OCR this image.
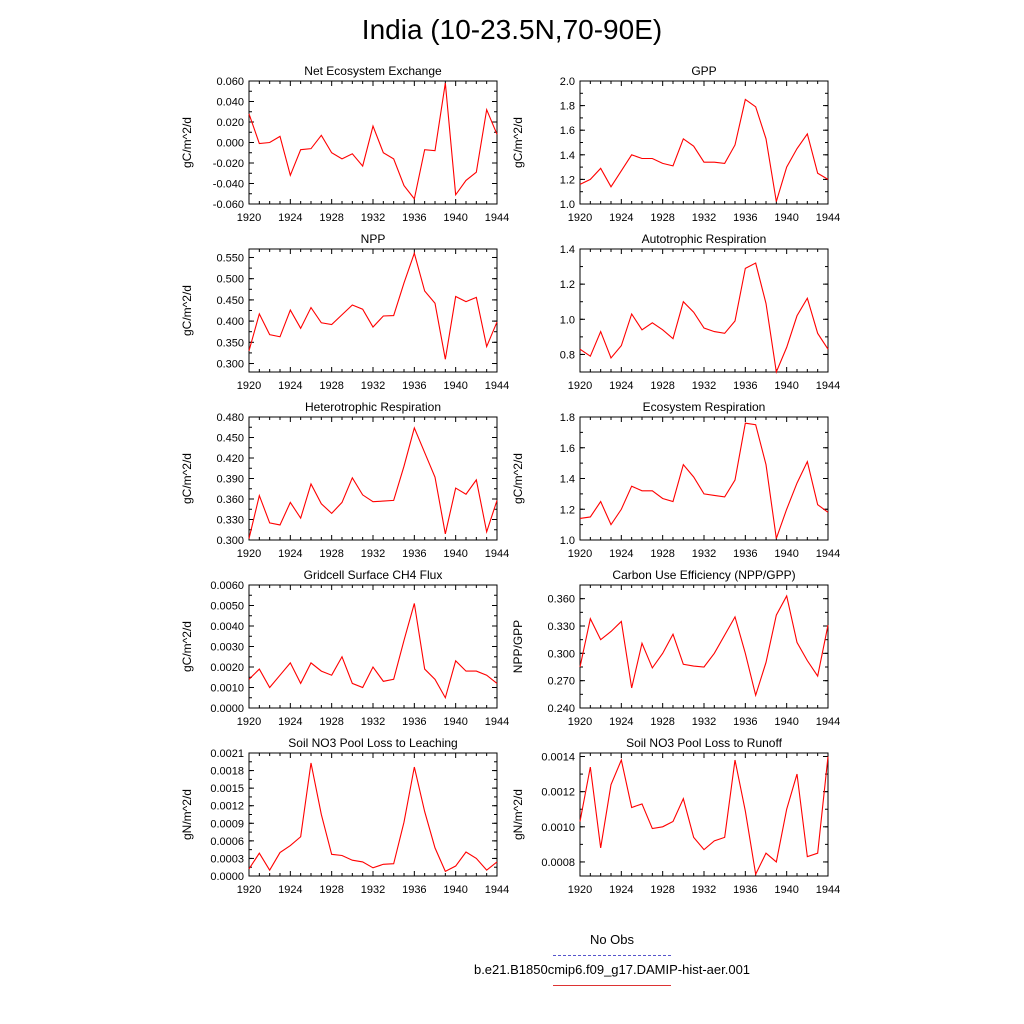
India (10-23.5N,70-90E)
Net Ecosystem Exchange
1920 1924 1928 1932 1936 1940 1944
-0.060
-0.040
-0.020
0.000
0.020
0.040
0.060
gC/m^2/d
GPP
1920 1924 1928 1932 1936 1940 1944
1.0
1.2
1.4
1.6
1.8
2.0
gC/m^2/d
NPP
1920 1924 1928 1932 1936 1940 1944
0.300
0.350
0.400
0.450
0.500
0.550
gC/m^2/d
Autotrophic Respiration
1920 1924 1928 1932 1936 1940 1944
0.8
1.0
1.2
1.4
Heterotrophic Respiration
1920 1924 1928 1932 1936 1940 1944
0.300
0.330
0.360
0.390
0.420
0.450
0.480
gC/m^2/d
Ecosystem Respiration
1920 1924 1928 1932 1936 1940 1944
1.0
1.2
1.4
1.6
1.8
gC/m^2/d
Gridcell Surface CH4 Flux
1920 1924 1928 1932 1936 1940 1944
0.0000
0.0010
0.0020
0.0030
0.0040
0.0050
0.0060
gC/m^2/d
Carbon Use Efficiency (NPP/GPP)
1920 1924 1928 1932 1936 1940 1944
0.240
0.270
0.300
0.330
0.360
NPP/GPP
Soil NO3 Pool Loss to Leaching
1920 1924 1928 1932 1936 1940 1944
0.0000
0.0003
0.0006
0.0009
0.0012
0.0015
0.0018
0.0021
gN/m^2/d
Soil NO3 Pool Loss to Runoff
1920 1924 1928 1932 1936 1940 1944
0.0008
0.0010
0.0012
0.0014
gN/m^2/d
No Obs
b.e21.B1850cmip6.f09_g17.DAMIP-hist-aer.001
